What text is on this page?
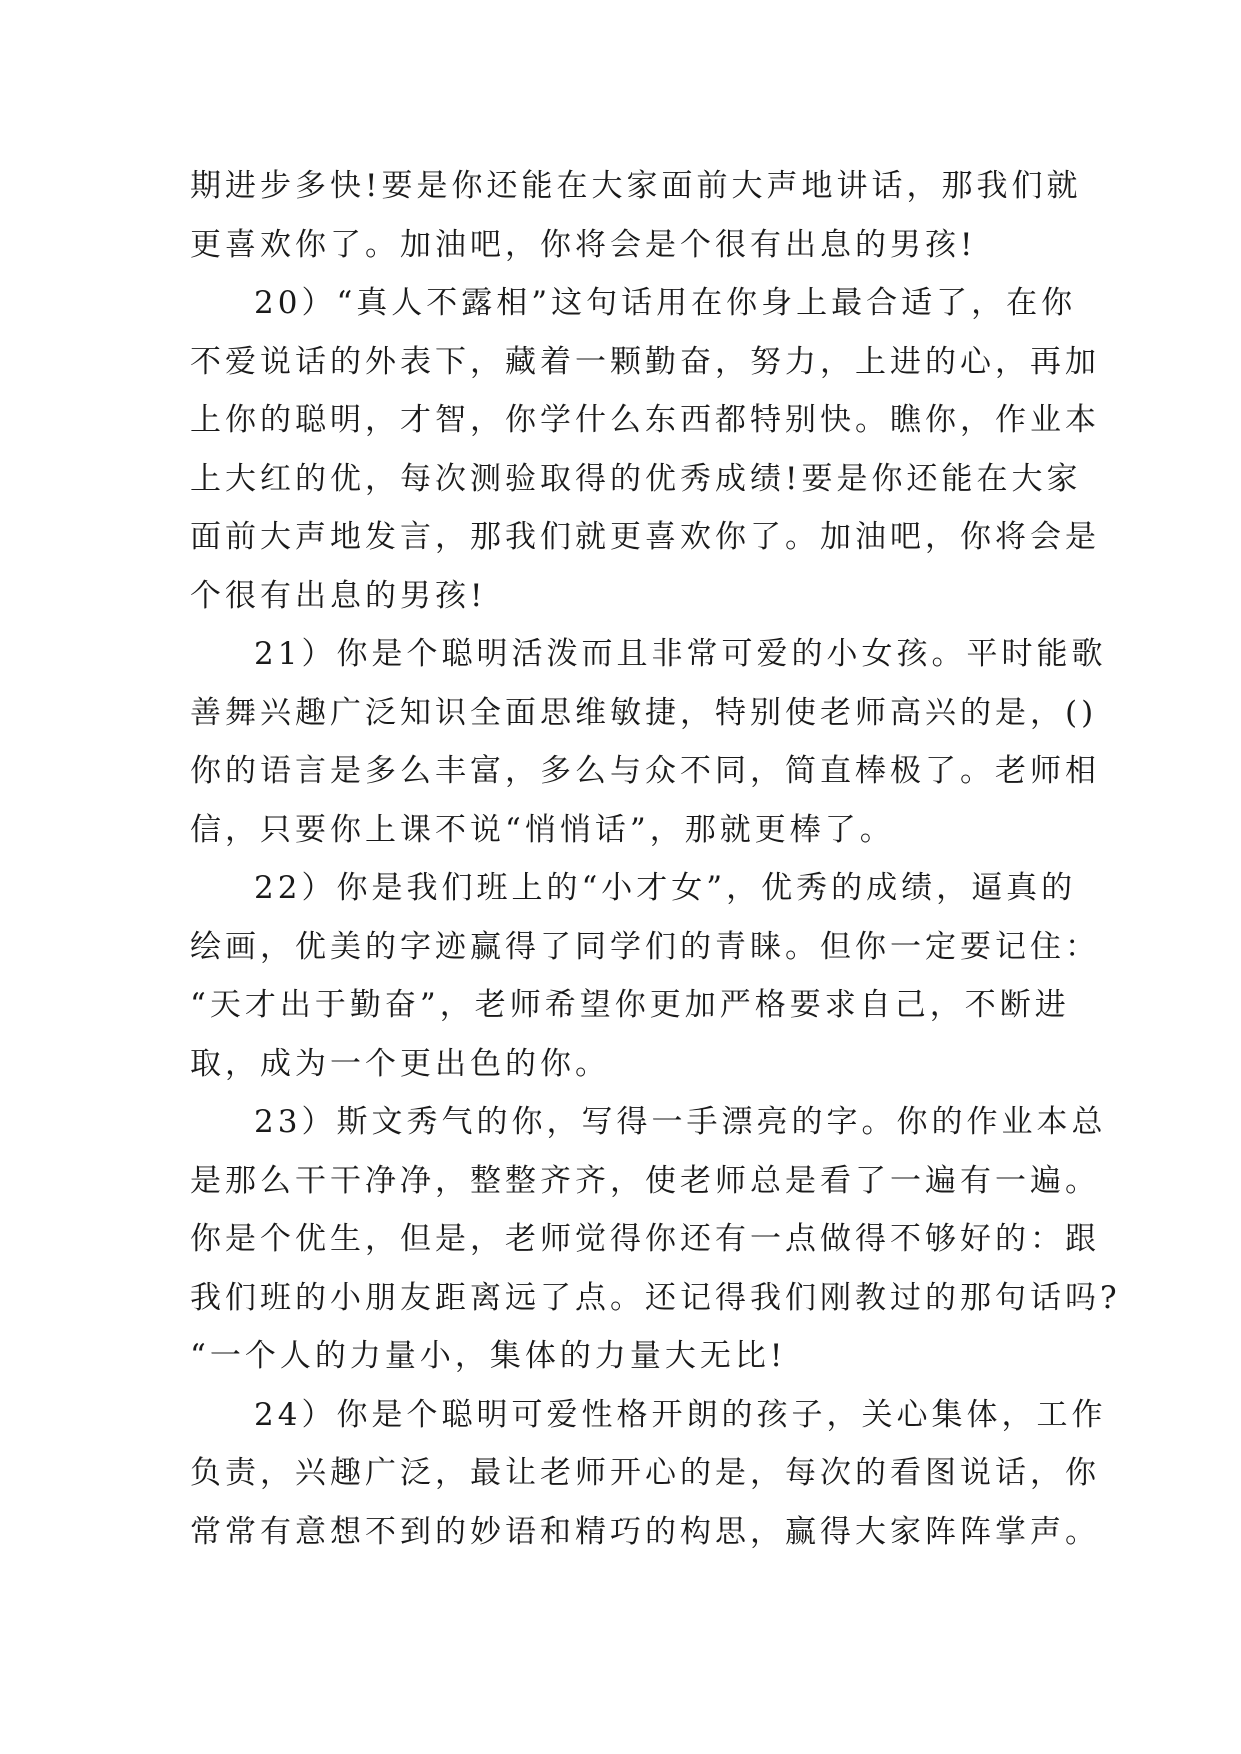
期进步多快!要是你还能在大家面前大声地讲话，那我们就
更喜欢你了。加油吧，你将会是个很有出息的男孩!
20）“真人不露相”这句话用在你身上最合适了，在你
不爱说话的外表下，藏着一颗勤奋，努力，上进的心，再加
上你的聪明，才智，你学什么东西都特别快。瞧你，作业本
上大红的优，每次测验取得的优秀成绩!要是你还能在大家
面前大声地发言，那我们就更喜欢你了。加油吧，你将会是
个很有出息的男孩!
21）你是个聪明活泼而且非常可爱的小女孩。平时能歌
善舞兴趣广泛知识全面思维敏捷，特别使老师高兴的是，()
你的语言是多么丰富，多么与众不同，简直棒极了。老师相
信，只要你上课不说“悄悄话”，那就更棒了。
22）你是我们班上的“小才女”，优秀的成绩，逼真的
绘画，优美的字迹赢得了同学们的青睐。但你一定要记住：
“天才出于勤奋”，老师希望你更加严格要求自己，不断进
取，成为一个更出色的你。
23）斯文秀气的你，写得一手漂亮的字。你的作业本总
是那么干干净净，整整齐齐，使老师总是看了一遍有一遍。
你是个优生，但是，老师觉得你还有一点做得不够好的：跟
我们班的小朋友距离远了点。还记得我们刚教过的那句话吗?
“一个人的力量小，集体的力量大无比!
24）你是个聪明可爱性格开朗的孩子，关心集体，工作
负责，兴趣广泛，最让老师开心的是，每次的看图说话，你
常常有意想不到的妙语和精巧的构思，赢得大家阵阵掌声。
